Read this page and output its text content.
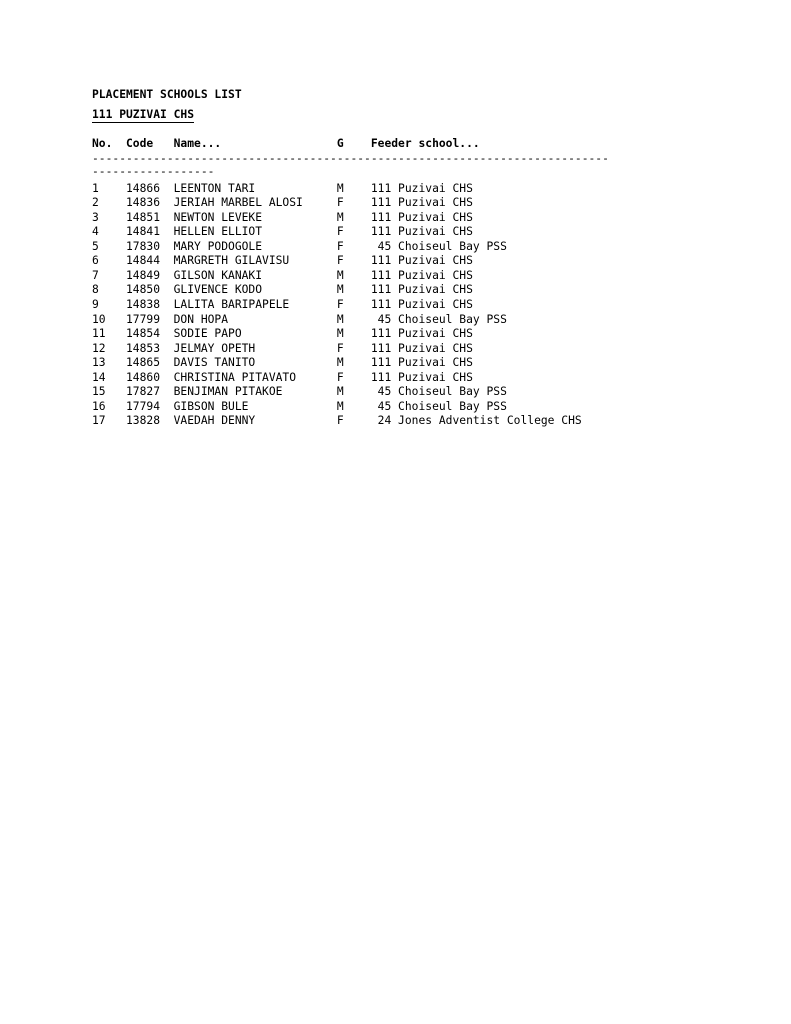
PLACEMENT SCHOOLS LIST
111 PUZIVAI CHS
No.  Code   Name...                 G    Feeder school...
----------------------------------------------------------------------------
------------------
1    14866  LEENTON TARI            M    111 Puzivai CHS
2    14836  JERIAH MARBEL ALOSI     F    111 Puzivai CHS
3    14851  NEWTON LEVEKE           M    111 Puzivai CHS
4    14841  HELLEN ELLIOT           F    111 Puzivai CHS
5    17830  MARY PODOGOLE           F     45 Choiseul Bay PSS
6    14844  MARGRETH GILAVISU       F    111 Puzivai CHS
7    14849  GILSON KANAKI           M    111 Puzivai CHS
8    14850  GLIVENCE KODO           M    111 Puzivai CHS
9    14838  LALITA BARIPAPELE       F    111 Puzivai CHS
10   17799  DON HOPA                M     45 Choiseul Bay PSS
11   14854  SODIE PAPO              M    111 Puzivai CHS
12   14853  JELMAY OPETH            F    111 Puzivai CHS
13   14865  DAVIS TANITO            M    111 Puzivai CHS
14   14860  CHRISTINA PITAVATO      F    111 Puzivai CHS
15   17827  BENJIMAN PITAKOE        M     45 Choiseul Bay PSS
16   17794  GIBSON BULE             M     45 Choiseul Bay PSS
17   13828  VAEDAH DENNY            F     24 Jones Adventist College CHS
